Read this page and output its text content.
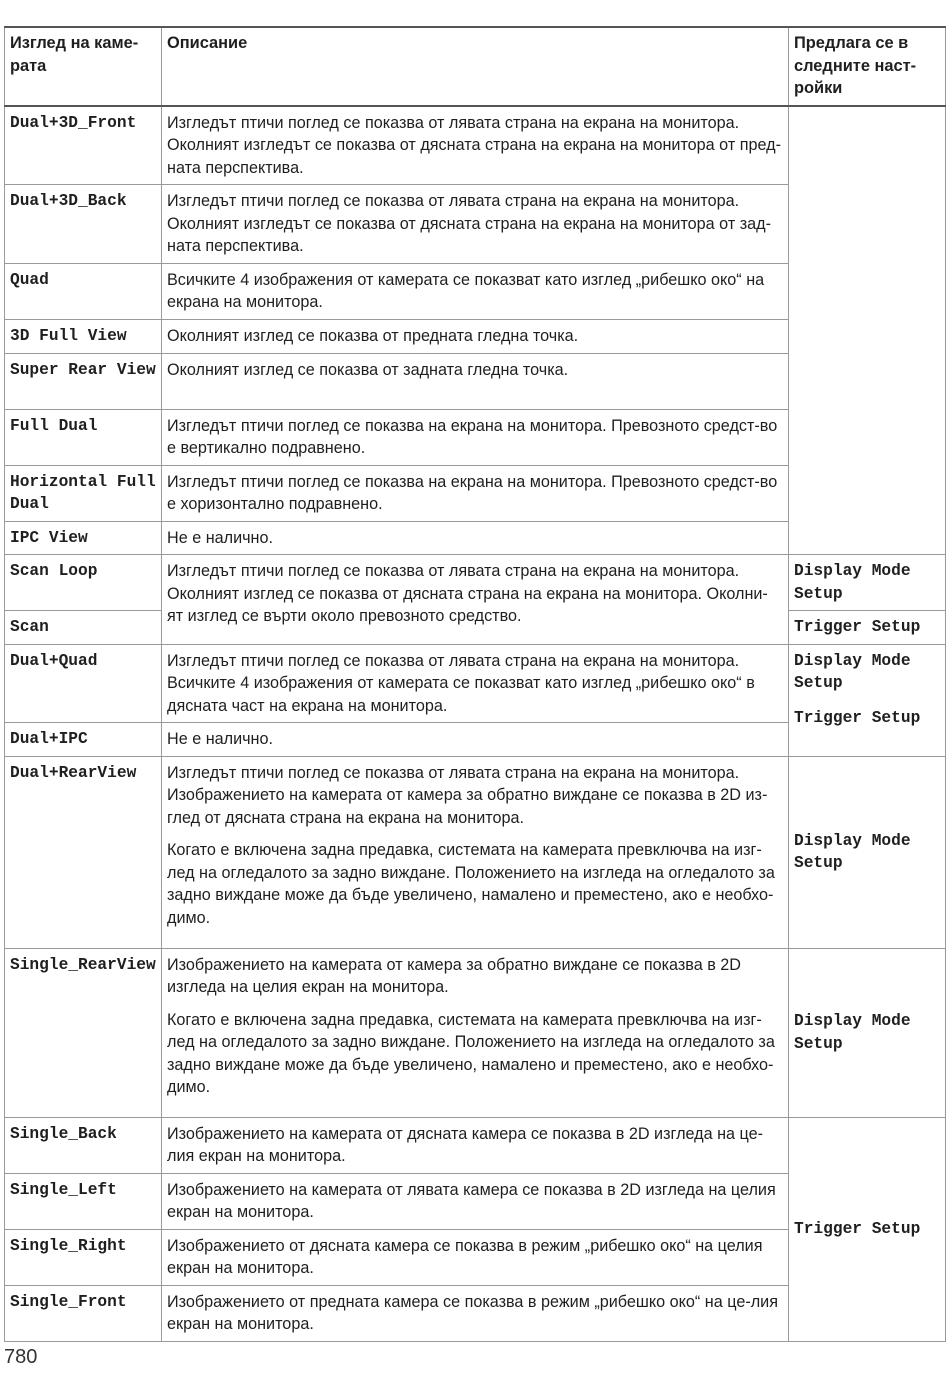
Изглед на каме-
рата	Описание	Предлага се в
следните наст-
ройки
Dual+3D_Front	Изгледът птичи поглед се показва от лявата страна на екрана на монитора. Околният изгледът се показва от дясната страна на екрана на монитора от пред-ната перспектива.	
Dual+3D_Back	Изгледът птичи поглед се показва от лявата страна на екрана на монитора. Околният изгледът се показва от дясната страна на екрана на монитора от зад-ната перспектива.	
Quad	Всичките 4 изображения от камерата се показват като изглед „рибешко око“ на екрана на монитора.	
3D Full View	Околният изглед се показва от предната гледна точка.	
Super Rear View	Околният изглед се показва от задната гледна точка.	
Full Dual	Изгледът птичи поглед се показва на екрана на монитора. Превозното средст-во е вертикално подравнено.	
Horizontal Full Dual	Изгледът птичи поглед се показва на екрана на монитора. Превозното средст-во е хоризонтално подравнено.	
IPC View	Не е налично.	
Scan Loop	Изгледът птичи поглед се показва от лявата страна на екрана на монитора. Околният изглед се показва от дясната страна на екрана на монитора. Околни-ят изглед се върти около превозното средство.	Display Mode Setup
Scan		Trigger Setup
Dual+Quad	Изгледът птичи поглед се показва от лявата страна на екрана на монитора. Всичките 4 изображения от камерата се показват като изглед „рибешко око“ в дясната част на екрана на монитора.	Display Mode Setup

Trigger Setup

Dual+IPC	Не е налично.	
Dual+RearView	Изгледът птичи поглед се показва от лявата страна на екрана на монитора. Изображението на камерата от камера за обратно виждане се показва в 2D из-глед от дясната страна на екрана на монитора.

Когато е включена задна предавка, системата на камерата превключва на изг-лед на огледалото за задно виждане. Положението на изгледа на огледалото за задно виждане може да бъде увеличено, намалено и преместено, ако е необхо-димо.	Display Mode Setup
Single_RearView	Изображението на камерата от камера за обратно виждане се показва в 2D изгледа на целия екран на монитора.

Когато е включена задна предавка, системата на камерата превключва на изг-лед на огледалото за задно виждане. Положението на изгледа на огледалото за задно виждане може да бъде увеличено, намалено и преместено, ако е необхо-димо.	Display Mode Setup
Single_Back	Изображението на камерата от дясната камера се показва в 2D изгледа на це-лия екран на монитора.	Trigger Setup
Single_Left	Изображението на камерата от лявата камера се показва в 2D изгледа на целия екран на монитора.	
Single_Right	Изображението от дясната камера се показва в режим „рибешко око“ на целия екран на монитора.	
Single_Front	Изображението от предната камера се показва в режим „рибешко око“ на це-лия екран на монитора.	
780
